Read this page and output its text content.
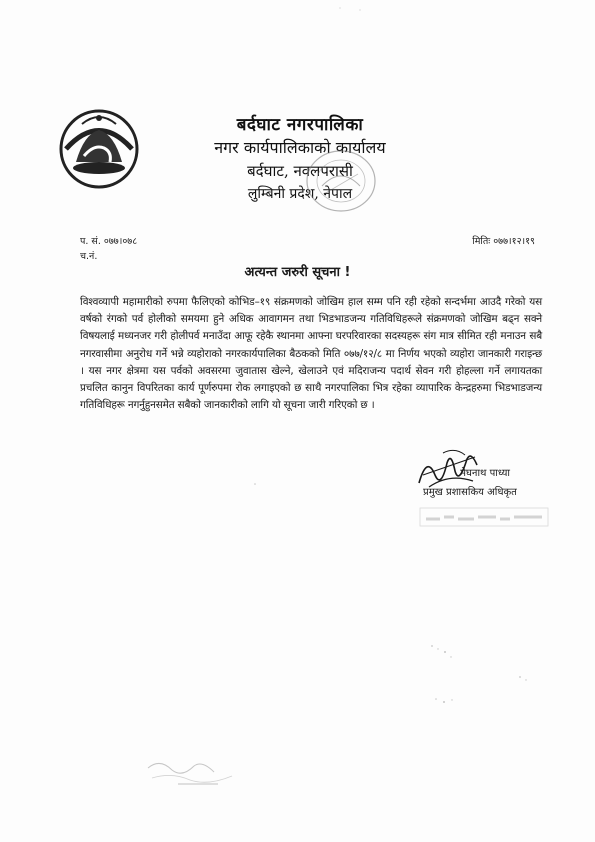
बर्दघाट नगरपालिका
नगर कार्यपालिकाको कार्यालय
बर्दघाट, नवलपरासी
लुम्बिनी प्रदेश, नेपाल
प. सं. ०७७।०७८
च.नं.
मितिः ०७७।१२।१९
अत्यन्त जरुरी सूचना !
विश्वव्यापी महामारीको रुपमा फैलिएको कोभिड–१९ संक्रमणको जोखिम हाल सम्म पनि रही रहेको सन्दर्भमा आउदै गरेको यस वर्षको रंगको पर्व होलीको समयमा हुने अधिक आवागमन तथा भिडभाडजन्य गतिविधिहरूले संक्रमणको जोखिम बढ्न सक्ने विषयलाई मध्यनजर गरी होलीपर्व मनाउँदा आफू रहेकै स्थानमा आफ्ना घरपरिवारका सदस्यहरू संग मात्र सीमित रही मनाउन सबै नगरवासीमा अनुरोध गर्ने भन्ने व्यहोराको नगरकार्यपालिका बैठकको मिति ०७७/१२/८ मा निर्णय भएको व्यहोरा जानकारी गराइन्छ । यस नगर क्षेत्रमा यस पर्वको अवसरमा जुवातास खेल्ने, खेलाउने एवं मदिराजन्य पदार्थ सेवन गरी होहल्ला गर्ने लगायतका प्रचलित कानुन विपरितका कार्य पूर्णरुपमा रोक लगाइएको छ साथै नगरपालिका भित्र रहेका व्यापारिक केन्द्रहरुमा भिडभाडजन्य गतिविधिहरू नगर्नुहुनसमेत सबैको जानकारीको लागि यो सूचना जारी गरिएको छ ।
मेघनाथ पाध्या
प्रमुख प्रशासकिय अधिकृत
